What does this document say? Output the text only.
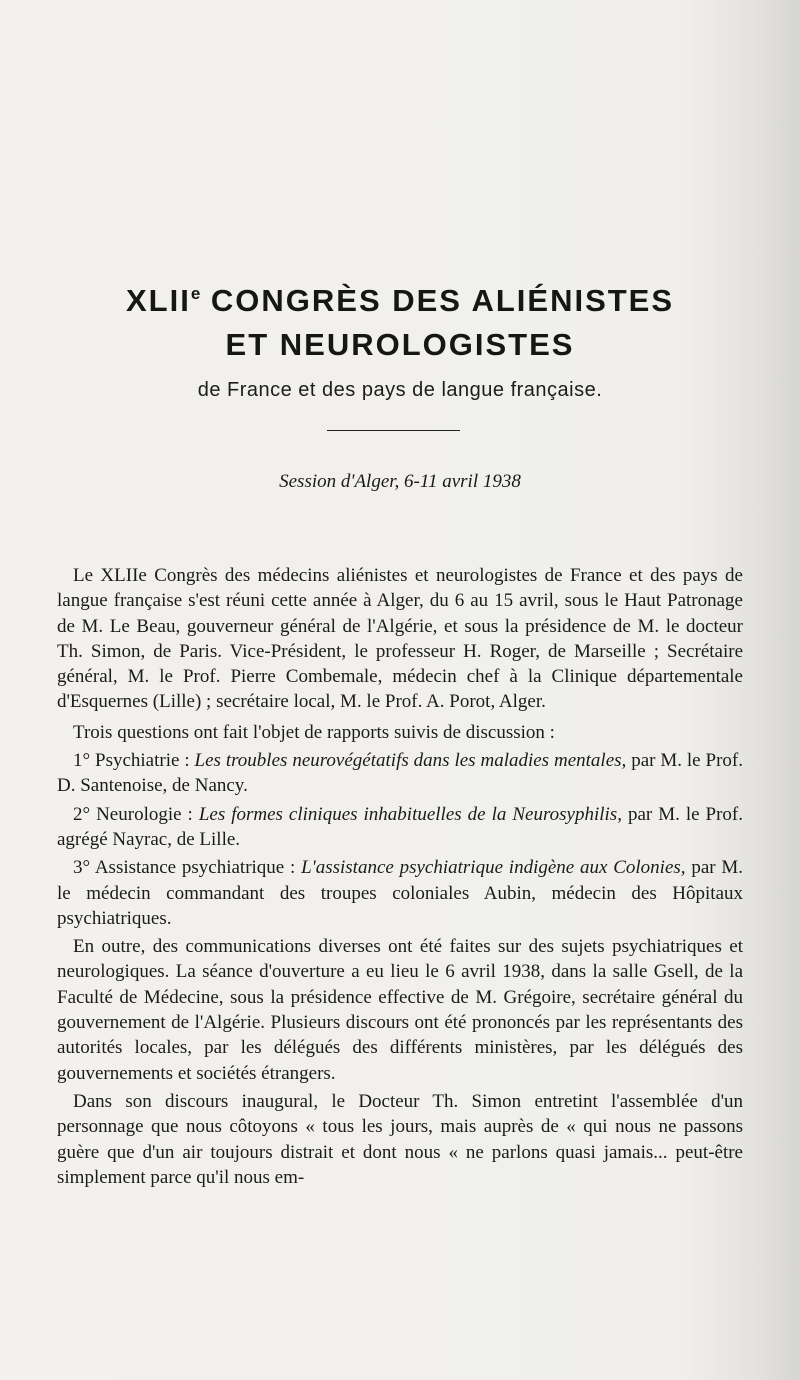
XLIIe CONGRÈS DES ALIÉNISTES
ET NEUROLOGISTES
de France et des pays de langue française.
Session d'Alger, 6-11 avril 1938

Le XLIIe Congrès des médecins aliénistes et neurologistes de France et des pays de langue française s'est réuni cette année à Alger, du 6 au 15 avril, sous le Haut Patronage de M. Le Beau, gouverneur général de l'Algérie, et sous la présidence de M. le docteur Th. Simon, de Paris. Vice-Président, le professeur H. Roger, de Marseille ; Secrétaire général, M. le Prof. Pierre Combemale, médecin chef à la Clinique départementale d'Esquernes (Lille) ; secrétaire local, M. le Prof. A. Porot, Alger.

Trois questions ont fait l'objet de rapports suivis de discussion :

1° Psychiatrie : Les troubles neurovégétatifs dans les maladies mentales, par M. le Prof. D. Santenoise, de Nancy.

2° Neurologie : Les formes cliniques inhabituelles de la Neurosyphilis, par M. le Prof. agrégé Nayrac, de Lille.

3° Assistance psychiatrique : L'assistance psychiatrique indigène aux Colonies, par M. le médecin commandant des troupes coloniales Aubin, médecin des Hôpitaux psychiatriques.

En outre, des communications diverses ont été faites sur des sujets psychiatriques et neurologiques. La séance d'ouverture a eu lieu le 6 avril 1938, dans la salle Gsell, de la Faculté de Médecine, sous la présidence effective de M. Grégoire, secrétaire général du gouvernement de l'Algérie. Plusieurs discours ont été prononcés par les représentants des autorités locales, par les délégués des différents ministères, par les délégués des gouvernements et sociétés étrangers.

Dans son discours inaugural, le Docteur Th. Simon entretint l'assemblée d'un personnage que nous côtoyons « tous les jours, mais auprès de « qui nous ne passons guère que d'un air toujours distrait et dont nous « ne parlons quasi jamais... peut-être simplement parce qu'il nous em-
